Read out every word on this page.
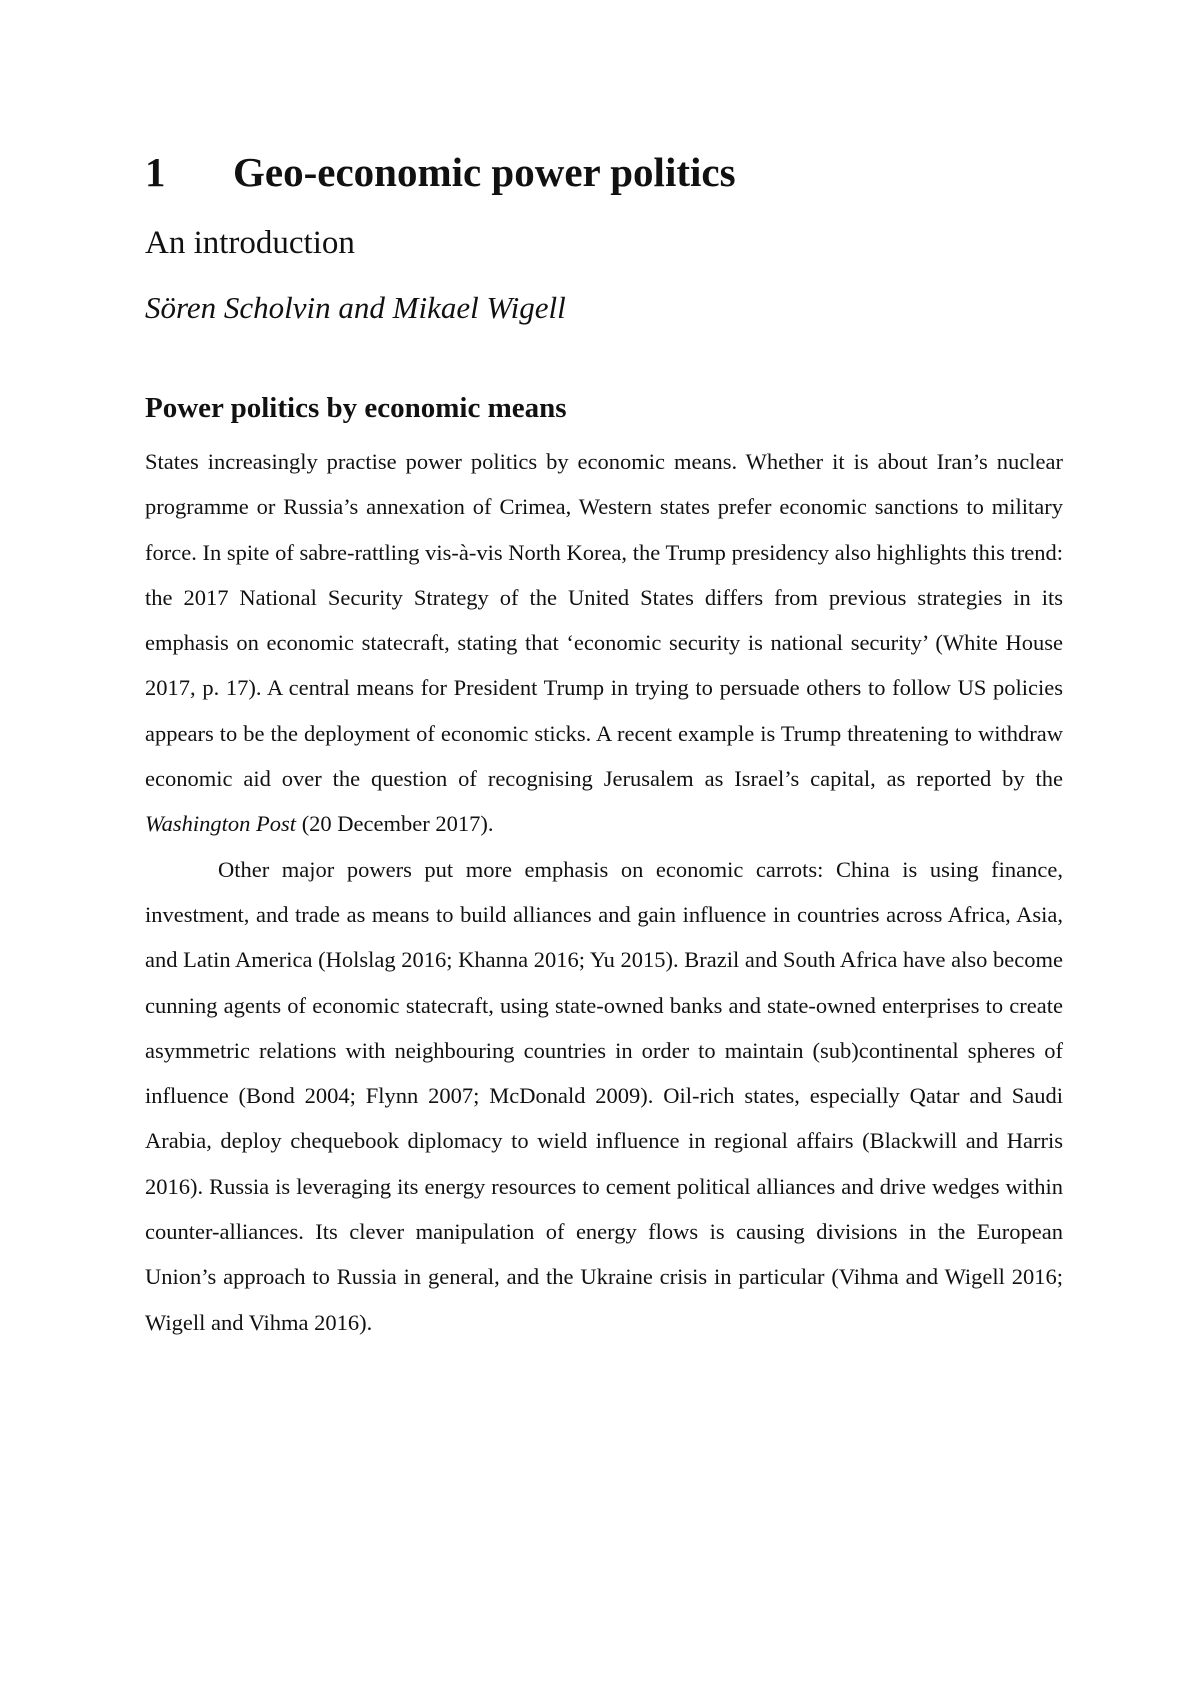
1 Geo-economic power politics
An introduction
Sören Scholvin and Mikael Wigell
Power politics by economic means

States increasingly practise power politics by economic means. Whether it is about Iran’s nuclear programme or Russia’s annexation of Crimea, Western states prefer economic sanctions to military force. In spite of sabre-rattling vis-à-vis North Korea, the Trump presidency also highlights this trend: the 2017 National Security Strategy of the United States differs from previous strategies in its emphasis on economic statecraft, stating that ‘economic security is national security’ (White House 2017, p. 17). A central means for President Trump in trying to persuade others to follow US policies appears to be the deployment of economic sticks. A recent example is Trump threatening to withdraw economic aid over the question of recognising Jerusalem as Israel’s capital, as reported by the Washington Post (20 December 2017).

Other major powers put more emphasis on economic carrots: China is using finance, investment, and trade as means to build alliances and gain influence in countries across Africa, Asia, and Latin America (Holslag 2016; Khanna 2016; Yu 2015). Brazil and South Africa have also become cunning agents of economic statecraft, using state-owned banks and state-owned enterprises to create asymmetric relations with neighbouring countries in order to maintain (sub)continental spheres of influence (Bond 2004; Flynn 2007; McDonald 2009). Oil-rich states, especially Qatar and Saudi Arabia, deploy chequebook diplomacy to wield influence in regional affairs (Blackwill and Harris 2016). Russia is leveraging its energy resources to cement political alliances and drive wedges within counter-alliances. Its clever manipulation of energy flows is causing divisions in the European Union’s approach to Russia in general, and the Ukraine crisis in particular (Vihma and Wigell 2016; Wigell and Vihma 2016).
